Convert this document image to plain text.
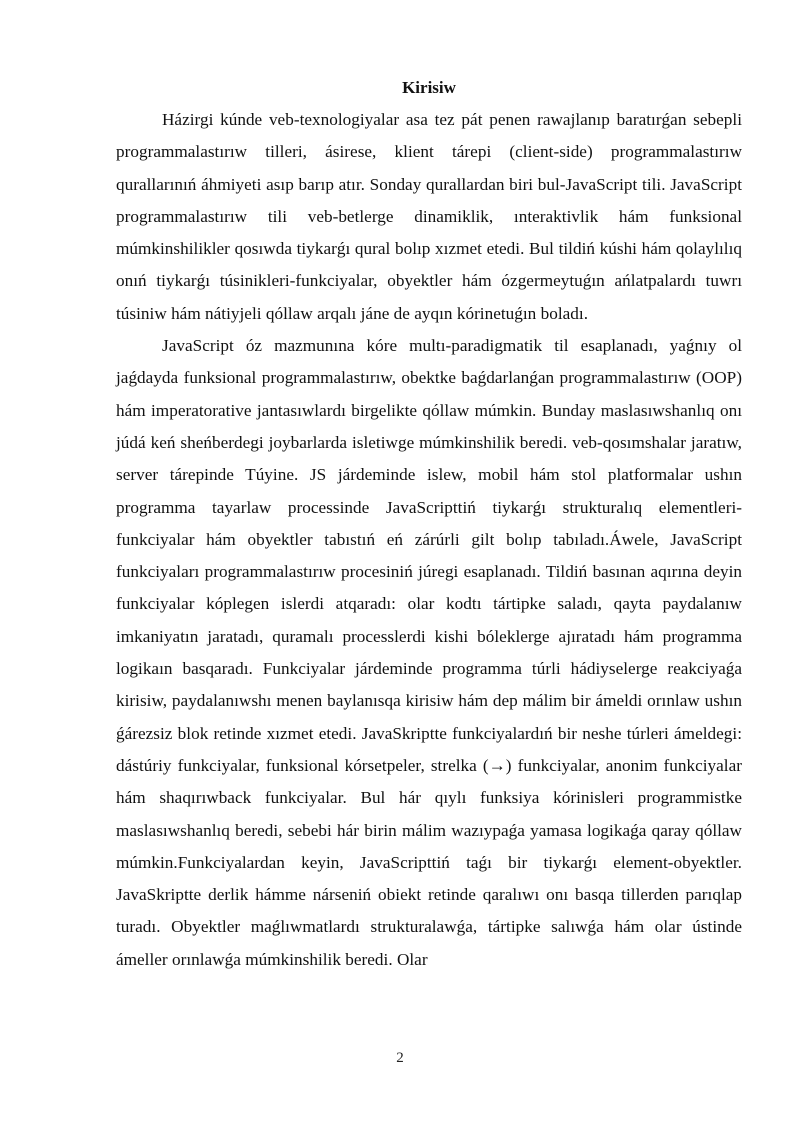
Kirisiw

Házirgi kúnde veb-texnologiyalar asa tez pát penen rawajlanıp baratırǵan sebepli programmalastırıw tilleri, ásirese, klient tárepi (client-side) programmalastırıw qurallarınıń áhmiyeti asıp barıp atır. Sonday qurallardan biri bul-JavaScript tili. JavaScript programmalastırıw tili veb-betlerge dinamiklik, ınteraktivlik hám funksional múmkinshilikler qosıwda tiykarǵı qural bolıp xızmet etedi. Bul tildiń kúshi hám qolaylılıq onıń tiykarǵı túsinikleri-funkciyalar, obyektler hám ózgermeytuǵın ańlatpalardı tuwrı túsiniw hám nátiyjeli qóllaw arqalı jáne de ayqın kórinetuǵın boladı.

JavaScript óz mazmunına kóre multı-paradigmatik til esaplanadı, yaǵnıy ol jaǵdayda funksional programmalastırıw, obektke baǵdarlanǵan programmalastırıw (OOP) hám imperatorative jantasıwlardı birgelikte qóllaw múmkin. Bunday ‎maslasıwshanlıq onı júdá keń sheńberdegi joybarlarda isletiwge múmkinshilik beredi. veb-qosımshalar jaratıw, server tárepinde Túyine. JS járdeminde islew, mobil hám stol platformalar ushın programma tayarlaw processinde JavaScripttiń tiykarǵı strukturalıq elementleri-funkciyalar hám obyektler tabıstıń eń zárúrli gilt bolıp tabıladı.Áwele, JavaScript funkciyaları programmalastırıw procesiniń júregi esaplanadı. Tildiń basınan aqırına deyin funkciyalar kóplegen islerdi atqaradı: olar kodtı tártipke saladı, qayta paydalanıw imkaniyatın jaratadı, quramalı processlerdi kishi bóleklerge ajıratadı hám programma logikaın basqaradı. Funkciyalar járdeminde programma túrli hádiyselerge reakciyaǵa kirisiw, paydalanıwshı menen baylanısqa kirisiw hám dep málim bir ámeldi orınlaw ushın ǵárezsiz blok retinde xızmet etedi. JavaSkriptte funkciyalardıń bir neshe túrleri ámeldegi: dástúriy funkciyalar, funksional kórsetpeler, strelka (→) funkciyalar, anonim funkciyalar hám shaqırıwback funkciyalar. Bul hár qıylı funksiya kórinisleri programmistke maslasıwshanlıq beredi, sebebi hár birin málim wazıypaǵa yamasa logikaǵa qaray qóllaw múmkin.Funkciyalardan keyin, JavaScripttiń taǵı bir tiykarǵı element-obyektler. JavaSkriptte derlik hámme nárseniń obiekt retinde qaralıwı onı basqa tillerden parıqlap turadı. Obyektler maǵlıwmatlardı strukturalawǵa, tártipke salıwǵa hám olar ústinde ámeller orınlawǵa múmkinshilik beredi. Olar

2
